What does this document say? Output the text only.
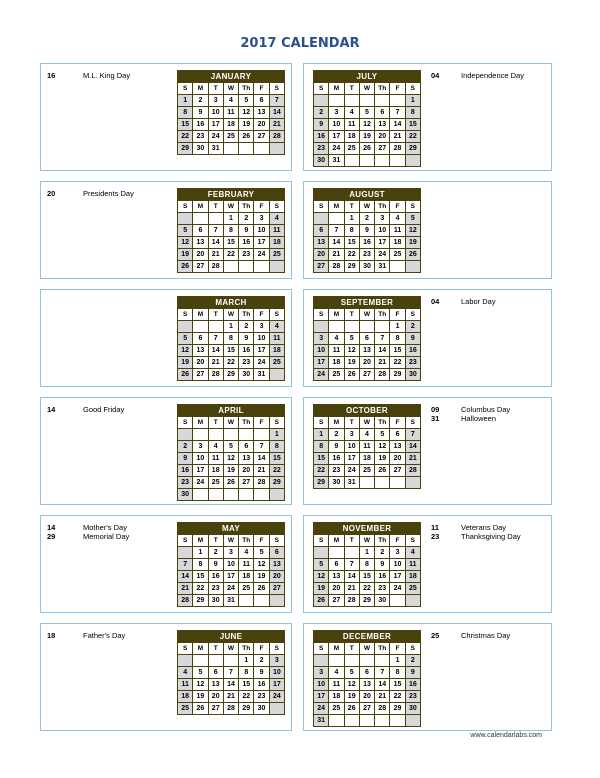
2017 CALENDAR
16	M.L. King Day	JANUARY						
S	M	T	W	Th	F	S
1	2	3	4	5	6	7
8	9	10	11	12	13	14
15	16	17	18	19	20	21
22	23	24	25	26	27	28
29	30	31				
JULY						
S	M	T	W	Th	F	S
						1
2	3	4	5	6	7	8
9	10	11	12	13	14	15
16	17	18	19	20	21	22
23	24	25	26	27	28	29
30	31					
04	Independence Day
20	Presidents Day	FEBRUARY						
S	M	T	W	Th	F	S
			1	2	3	4
5	6	7	8	9	10	11
12	13	14	15	16	17	18
19	20	21	22	23	24	25
26	27	28				
AUGUST						
S	M	T	W	Th	F	S
		1	2	3	4	5
6	7	8	9	10	11	12
13	14	15	16	17	18	19
20	21	22	23	24	25	26
27	28	29	30	31		
MARCH						
S	M	T	W	Th	F	S
			1	2	3	4
5	6	7	8	9	10	11
12	13	14	15	16	17	18
19	20	21	22	23	24	25
26	27	28	29	30	31	
SEPTEMBER						
S	M	T	W	Th	F	S
					1	2
3	4	5	6	7	8	9
10	11	12	13	14	15	16
17	18	19	20	21	22	23
24	25	26	27	28	29	30
04	Labor Day
14	Good Friday	APRIL						
S	M	T	W	Th	F	S
						1
2	3	4	5	6	7	8
9	10	11	12	13	14	15
16	17	18	19	20	21	22
23	24	25	26	27	28	29
30						
OCTOBER						
S	M	T	W	Th	F	S
1	2	3	4	5	6	7
8	9	10	11	12	13	14
15	16	17	18	19	20	21
22	23	24	25	26	27	28
29	30	31				
09	Columbus Day
31	Halloween
14	Mother's Day
29	Memorial Day
MAY						
S	M	T	W	Th	F	S
	1	2	3	4	5	6
7	8	9	10	11	12	13
14	15	16	17	18	19	20
21	22	23	24	25	26	27
28	29	30	31			
NOVEMBER						
S	M	T	W	Th	F	S
			1	2	3	4
5	6	7	8	9	10	11
12	13	14	15	16	17	18
19	20	21	22	23	24	25
26	27	28	29	30		
11	Veterans Day
23	Thanksgiving Day
18	Father's Day	JUNE						
S	M	T	W	Th	F	S
				1	2	3
4	5	6	7	8	9	10
11	12	13	14	15	16	17
18	19	20	21	22	23	24
25	26	27	28	29	30	
DECEMBER						
S	M	T	W	Th	F	S
					1	2
3	4	5	6	7	8	9
10	11	12	13	14	15	16
17	18	19	20	21	22	23
24	25	26	27	28	29	30
31						
25	Christmas Day
www.calendarlabs.com
